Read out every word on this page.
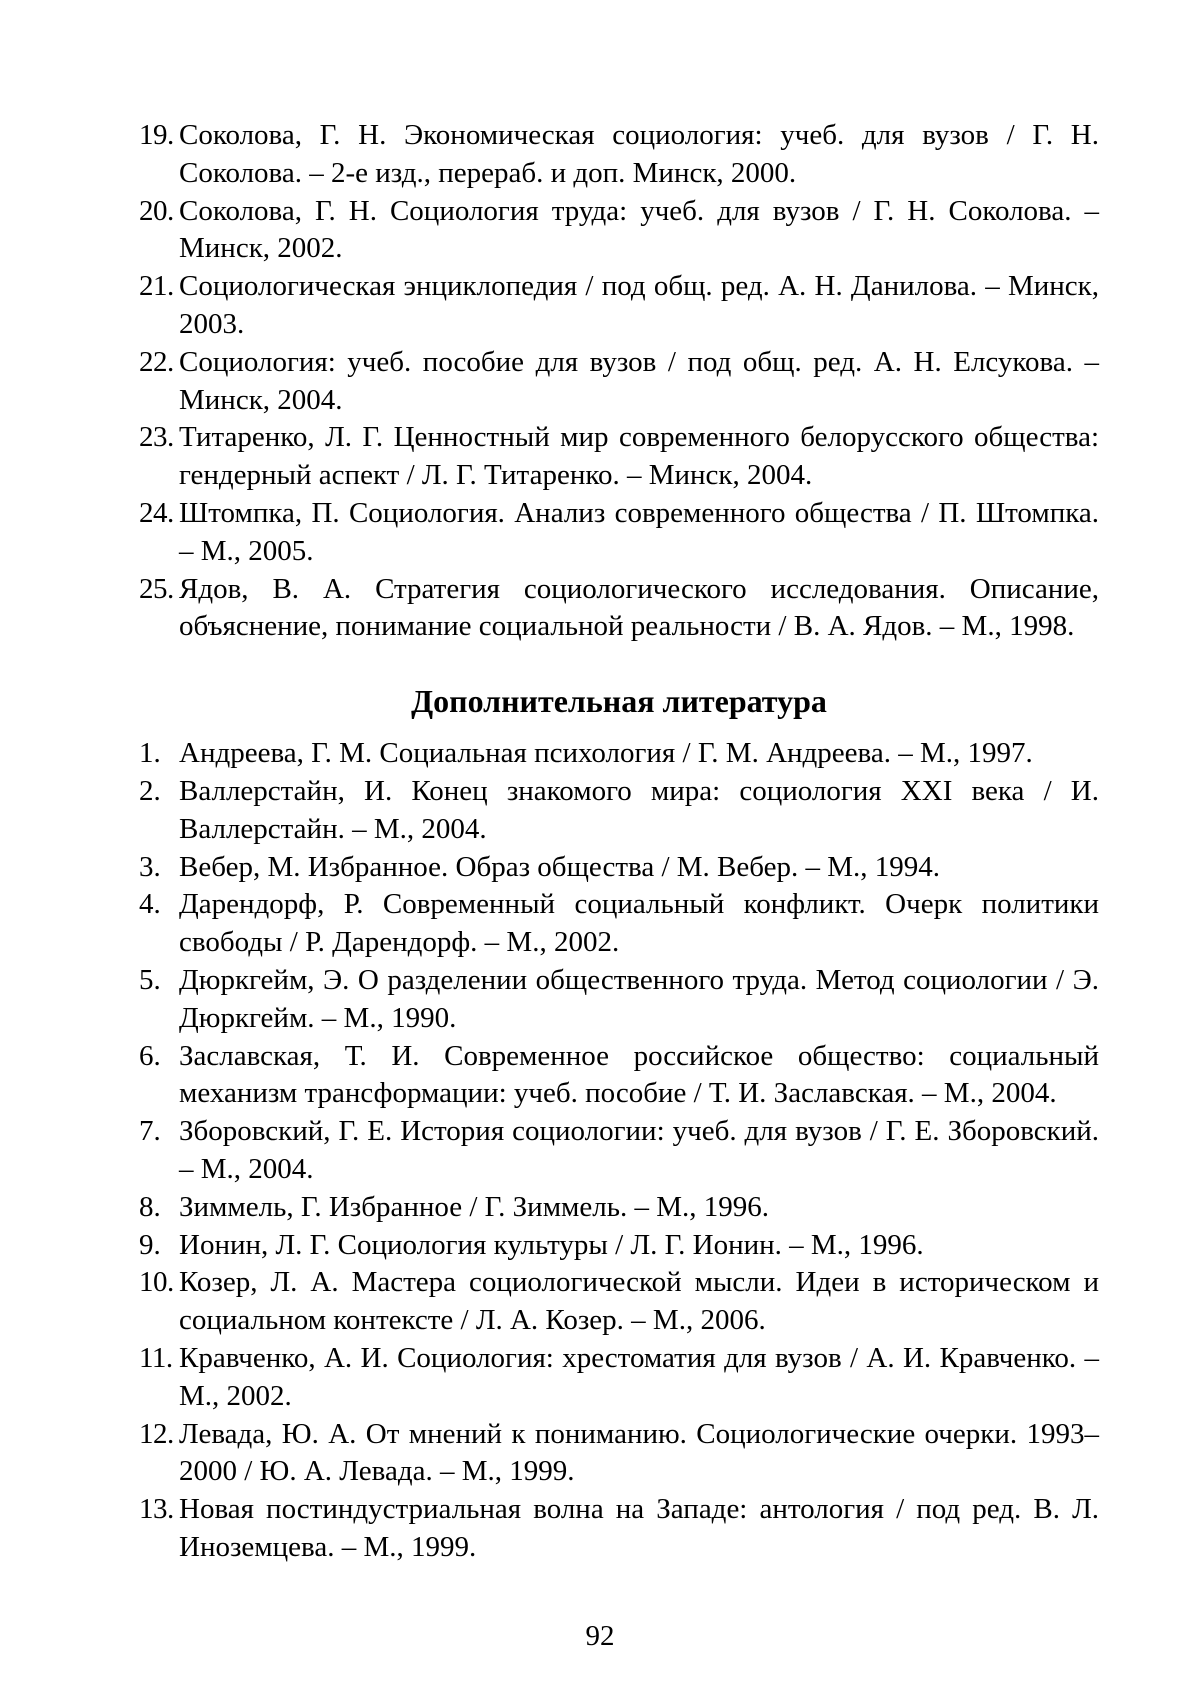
19. Соколова, Г. Н. Экономическая социология: учеб. для вузов / Г. Н. Соколова. – 2-е изд., перераб. и доп. Минск, 2000.
20. Соколова, Г. Н. Социология труда: учеб. для вузов / Г. Н. Соколова. – Минск, 2002.
21. Социологическая энциклопедия / под общ. ред. А. Н. Данилова. – Минск, 2003.
22. Социология: учеб. пособие для вузов / под общ. ред. А. Н. Елсукова. – Минск, 2004.
23. Титаренко, Л. Г. Ценностный мир современного белорусского общества: гендерный аспект / Л. Г. Титаренко. – Минск, 2004.
24. Штомпка, П. Социология. Анализ современного общества / П. Штомпка. – М., 2005.
25. Ядов, В. А. Стратегия социологического исследования. Описание, объяснение, понимание социальной реальности / В. А. Ядов. – М., 1998.
Дополнительная литература
1. Андреева, Г. М. Социальная психология / Г. М. Андреева. – М., 1997.
2. Валлерстайн, И. Конец знакомого мира: социология XXI века / И. Валлерстайн. – М., 2004.
3. Вебер, М. Избранное. Образ общества / М. Вебер. – М., 1994.
4. Дарендорф, Р. Современный социальный конфликт. Очерк политики свободы / Р. Дарендорф. – М., 2002.
5. Дюркгейм, Э. О разделении общественного труда. Метод социологии / Э. Дюркгейм. – М., 1990.
6. Заславская, Т. И. Современное российское общество: социальный механизм трансформации: учеб. пособие / Т. И. Заславская. – М., 2004.
7. Зборовский, Г. Е. История социологии: учеб. для вузов / Г. Е. Зборовский. – М., 2004.
8. Зиммель, Г. Избранное / Г. Зиммель. – М., 1996.
9. Ионин, Л. Г. Социология культуры / Л. Г. Ионин. – М., 1996.
10. Козер, Л. А. Мастера социологической мысли. Идеи в историческом и социальном контексте / Л. А. Козер. – М., 2006.
11. Кравченко, А. И. Социология: хрестоматия для вузов / А. И. Кравченко. – М., 2002.
12. Левада, Ю. А. От мнений к пониманию. Социологические очерки. 1993–2000 / Ю. А. Левада. – М., 1999.
13. Новая постиндустриальная волна на Западе: антология / под ред. В. Л. Иноземцева. – М., 1999.
92
